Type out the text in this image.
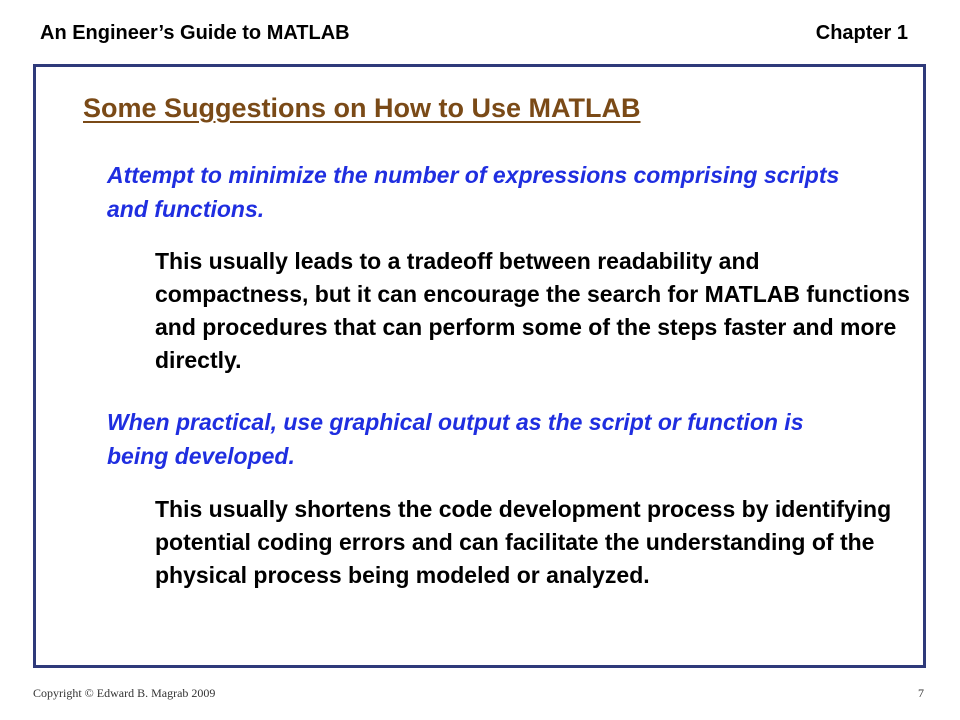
An Engineer’s Guide to MATLAB	Chapter 1
Some Suggestions on How to Use MATLAB
Attempt to minimize the number of expressions comprising scripts and functions.
This usually leads to a tradeoff between readability and compactness, but it can encourage the search for MATLAB functions and procedures that can perform some of the steps faster and more directly.
When practical, use graphical output as the script or function is being developed.
This usually shortens the code development process by identifying potential coding errors and can facilitate the understanding of the physical process being modeled or analyzed.
Copyright © Edward B. Magrab 2009	7
